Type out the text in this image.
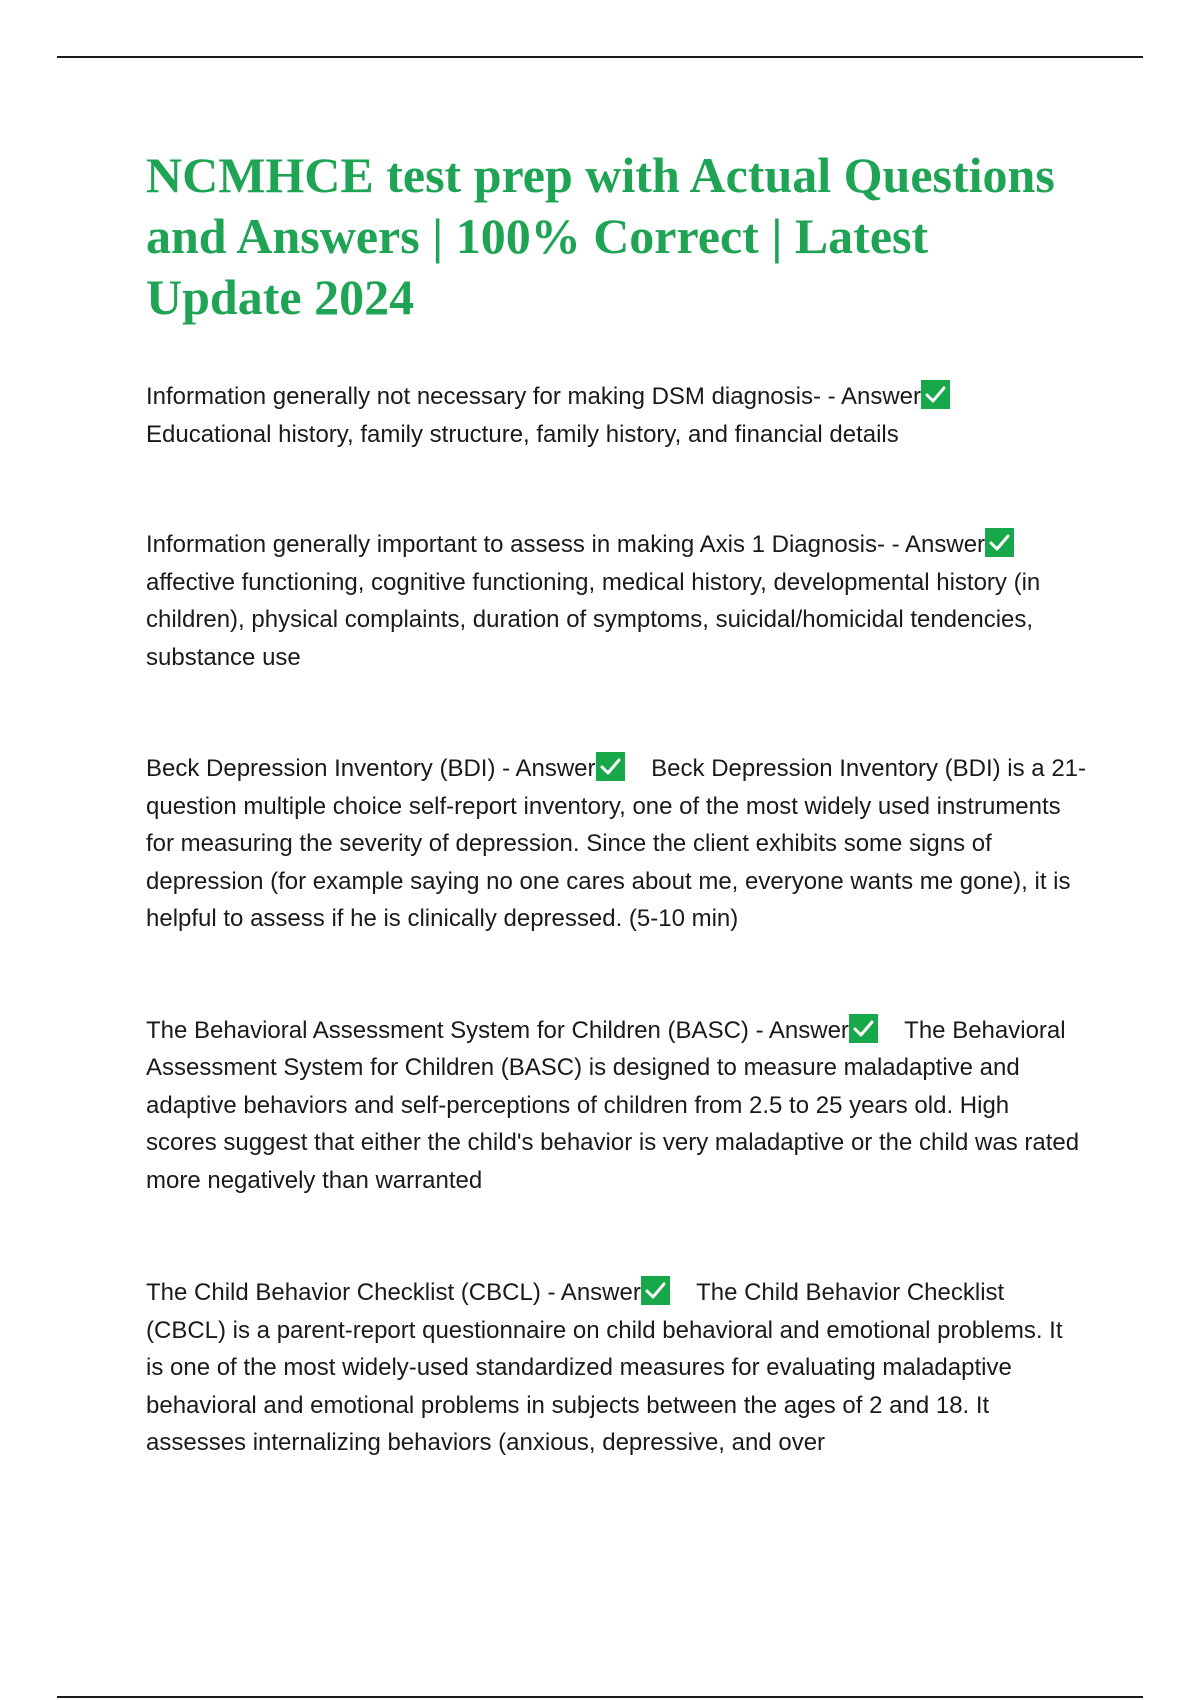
NCMHCE test prep with Actual Questions and Answers | 100% Correct | Latest Update 2024

Information generally not necessary for making DSM diagnosis- - Answer

Educational history, family structure, family history, and financial details

Information generally important to assess in making Axis 1 Diagnosis- - Answer

affective functioning, cognitive functioning, medical history, developmental history (in children), physical complaints, duration of symptoms, suicidal/homicidal tendencies, substance use

Beck Depression Inventory (BDI) - Answer Beck Depression Inventory (BDI) is a 21-question multiple choice self-report inventory, one of the most widely used instruments for measuring the severity of depression. Since the client exhibits some signs of depression (for example saying no one cares about me, everyone wants me gone), it is helpful to assess if he is clinically depressed. (5-10 min)

The Behavioral Assessment System for Children (BASC) - Answer The Behavioral Assessment System for Children (BASC) is designed to measure maladaptive and adaptive behaviors and self-perceptions of children from 2.5 to 25 years old. High scores suggest that either the child's behavior is very maladaptive or the child was rated more negatively than warranted

The Child Behavior Checklist (CBCL) - Answer The Child Behavior Checklist (CBCL) is a parent-report questionnaire on child behavioral and emotional problems. It is one of the most widely-used standardized measures for evaluating maladaptive behavioral and emotional problems in subjects between the ages of 2 and 18. It assesses internalizing behaviors (anxious, depressive, and over
